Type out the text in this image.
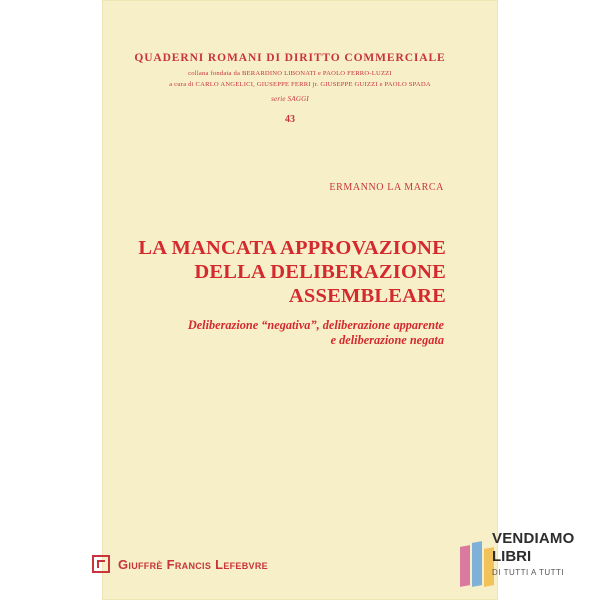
QUADERNI ROMANI DI DIRITTO COMMERCIALE
collana fondata da BERARDINO LIBONATI e PAOLO FERRO-LUZZI
a cura di CARLO ANGELICI, GIUSEPPE FERRI jr. GIUSEPPE GUIZZI e PAOLO SPADA
serie SAGGI
43
ERMANNO LA MARCA
LA MANCATA APPROVAZIONE
DELLA DELIBERAZIONE
ASSEMBLEARE
Deliberazione “negativa”, deliberazione apparente
e deliberazione negata
Giuffrè Francis Lefebvre
VENDIAMO
LIBRI
DI TUTTI A TUTTI
